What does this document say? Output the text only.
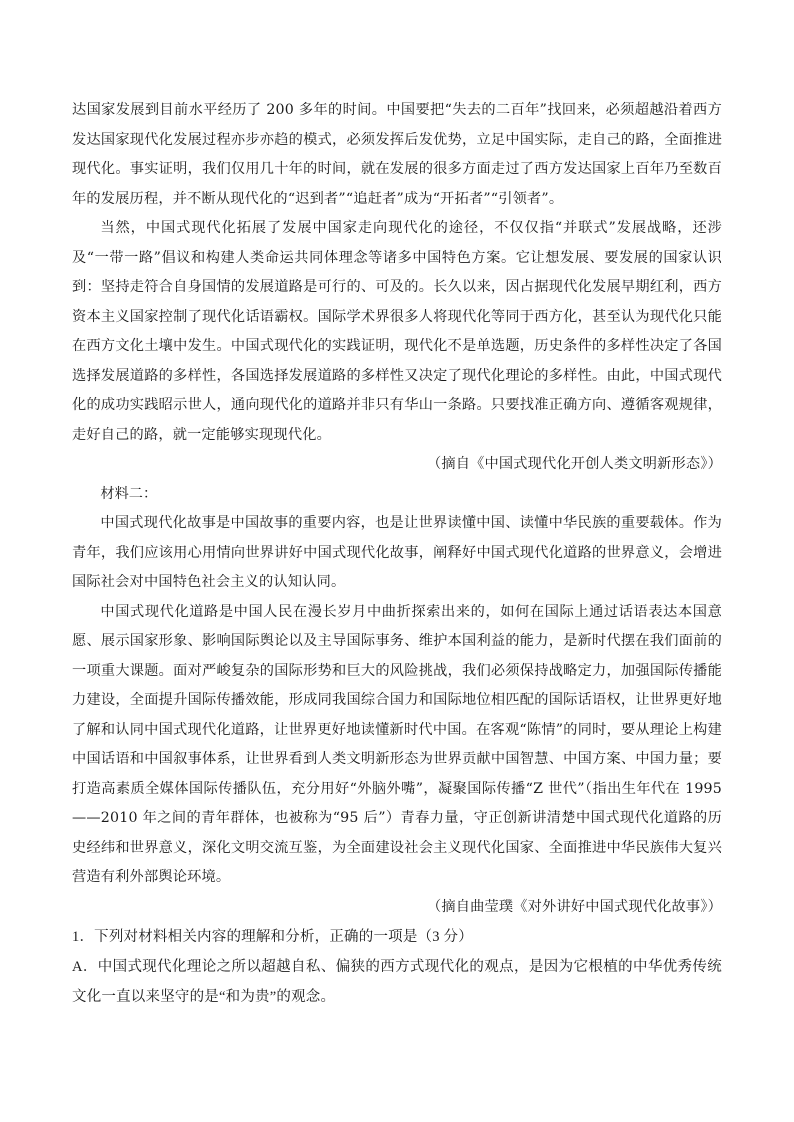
达国家发展到目前水平经历了 200 多年的时间。中国要把“失去的二百年”找回来，必须超越沿着西方发达国家现代化发展过程亦步亦趋的模式，必须发挥后发优势，立足中国实际，走自己的路，全面推进现代化。事实证明，我们仅用几十年的时间，就在发展的很多方面走过了西方发达国家上百年乃至数百年的发展历程，并不断从现代化的“迟到者”“追赶者”成为“开拓者”“引领者”。

当然，中国式现代化拓展了发展中国家走向现代化的途径，不仅仅指“并联式”发展战略，还涉及“一带一路”倡议和构建人类命运共同体理念等诸多中国特色方案。它让想发展、要发展的国家认识到：坚持走符合自身国情的发展道路是可行的、可及的。长久以来，因占据现代化发展早期红利，西方资本主义国家控制了现代化话语霸权。国际学术界很多人将现代化等同于西方化，甚至认为现代化只能在西方文化土壤中发生。中国式现代化的实践证明，现代化不是单选题，历史条件的多样性决定了各国选择发展道路的多样性，各国选择发展道路的多样性又决定了现代化理论的多样性。由此，中国式现代化的成功实践昭示世人，通向现代化的道路并非只有华山一条路。只要找准正确方向、遵循客观规律，走好自己的路，就一定能够实现现代化。

（摘自《中国式现代化开创人类文明新形态》）

材料二：

中国式现代化故事是中国故事的重要内容，也是让世界读懂中国、读懂中华民族的重要载体。作为青年，我们应该用心用情向世界讲好中国式现代化故事，阐释好中国式现代化道路的世界意义，会增进国际社会对中国特色社会主义的认知认同。

中国式现代化道路是中国人民在漫长岁月中曲折探索出来的，如何在国际上通过话语表达本国意愿、展示国家形象、影响国际舆论以及主导国际事务、维护本国利益的能力，是新时代摆在我们面前的一项重大课题。面对严峻复杂的国际形势和巨大的风险挑战，我们必须保持战略定力，加强国际传播能力建设，全面提升国际传播效能，形成同我国综合国力和国际地位相匹配的国际话语权，让世界更好地了解和认同中国式现代化道路，让世界更好地读懂新时代中国。在客观“陈情”的同时，要从理论上构建中国话语和中国叙事体系，让世界看到人类文明新形态为世界贡献中国智慧、中国方案、中国力量；要打造高素质全媒体国际传播队伍，充分用好“外脑外嘴”，凝聚国际传播“Z 世代”（指出生年代在 1995——2010 年之间的青年群体，也被称为“95 后”）青春力量，守正创新讲清楚中国式现代化道路的历史经纬和世界意义，深化文明交流互鉴，为全面建设社会主义现代化国家、全面推进中华民族伟大复兴营造有利外部舆论环境。

（摘自曲莹璞《对外讲好中国式现代化故事》）

1．下列对材料相关内容的理解和分析，正确的一项是（3 分）

A．中国式现代化理论之所以超越自私、偏狭的西方式现代化的观点，是因为它根植的中华优秀传统文化一直以来坚守的是“和为贵”的观念。
